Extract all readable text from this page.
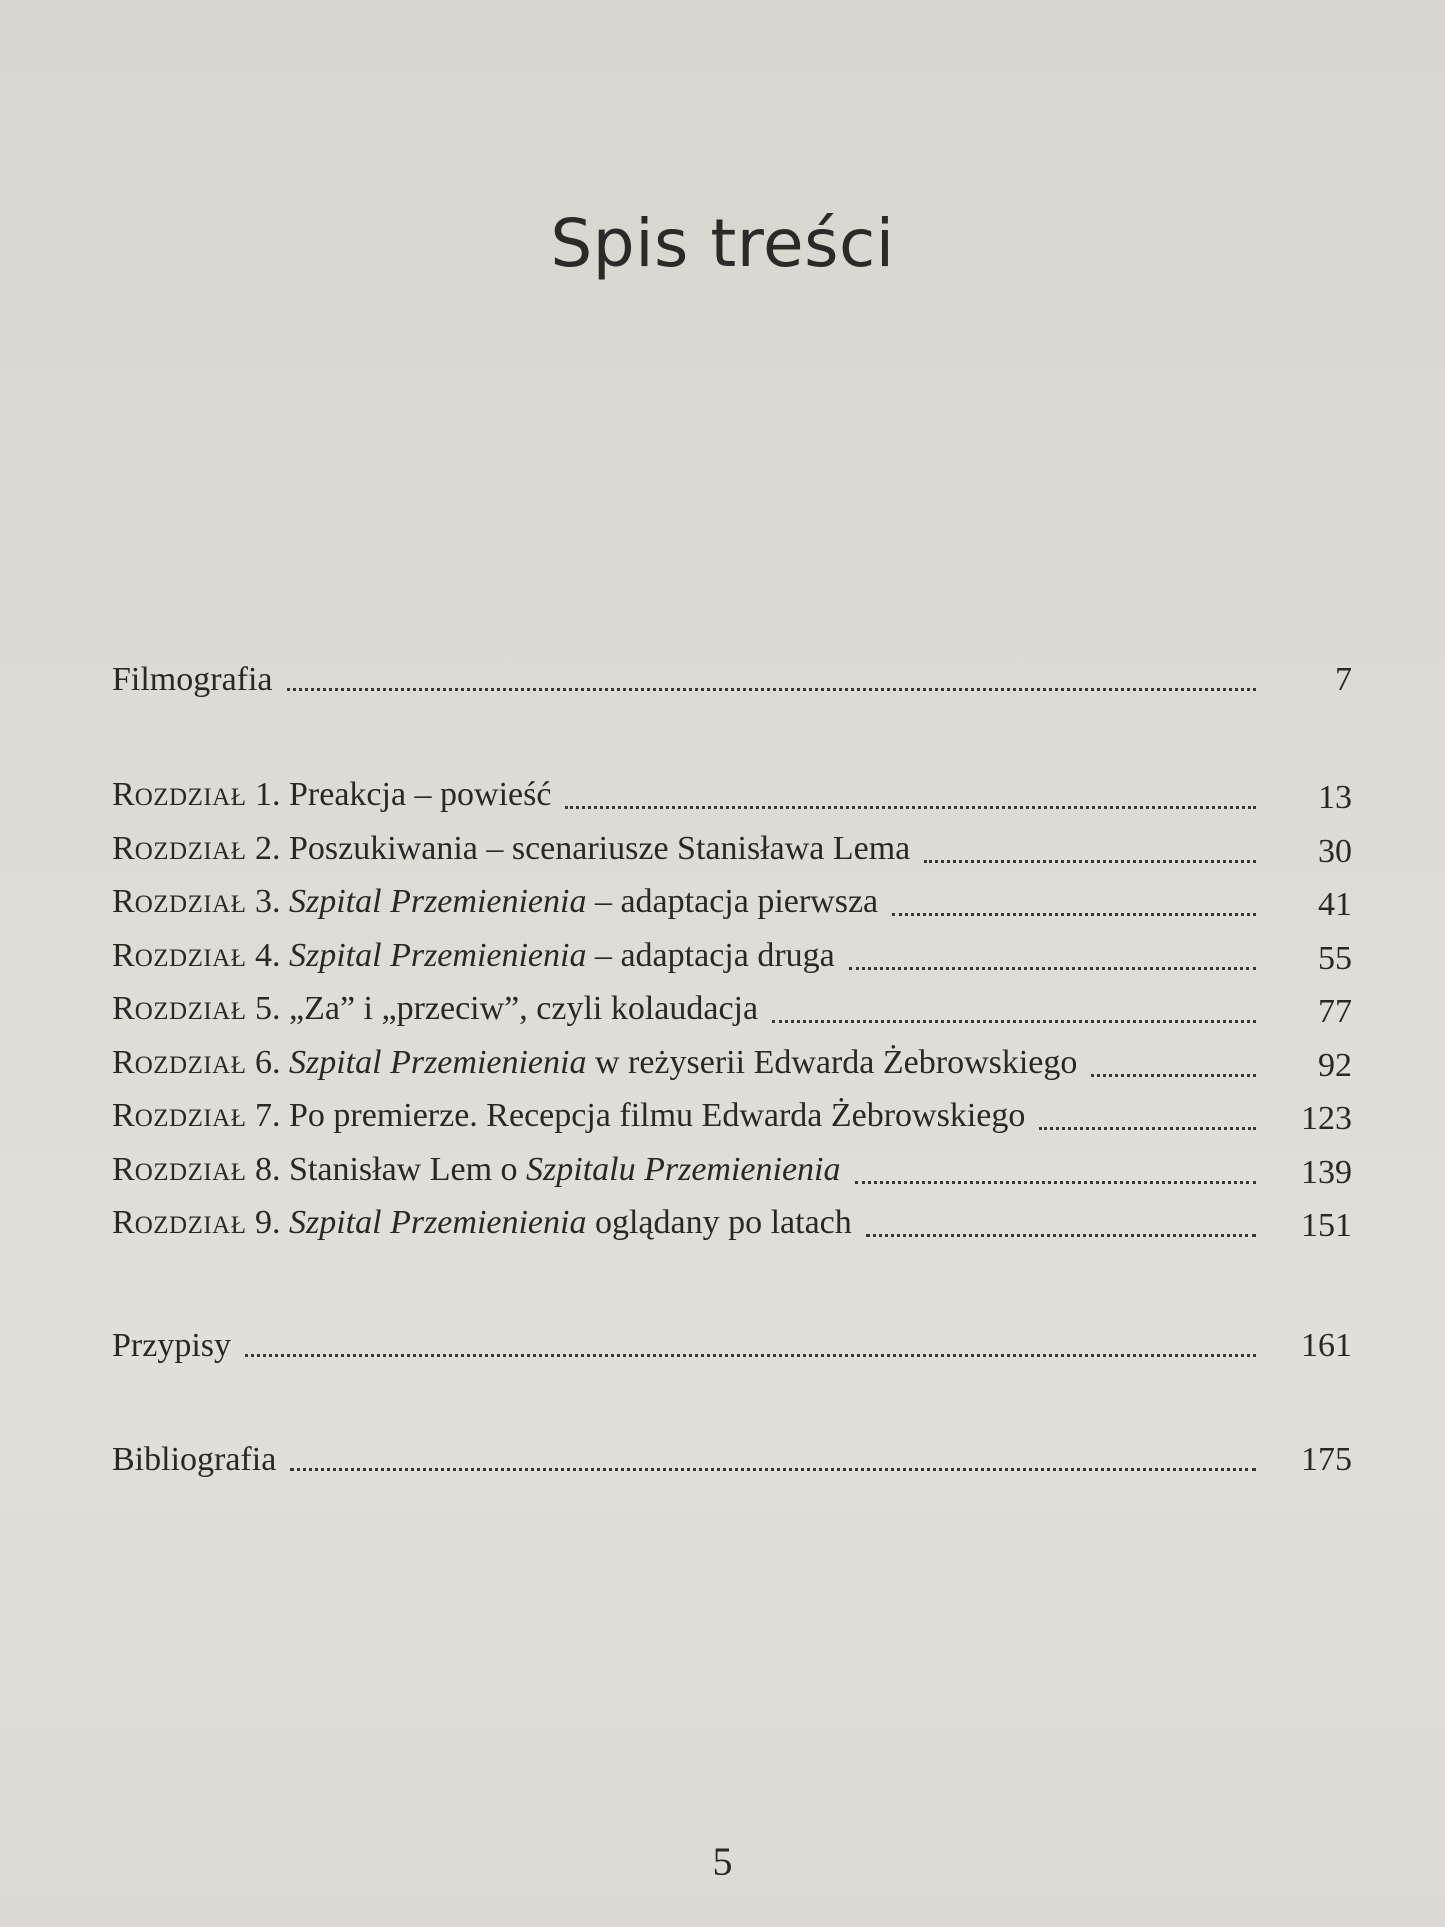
Spis treści
Filmografia	7
ROZDZIAŁ 1. Preakcja – powieść	13
ROZDZIAŁ 2. Poszukiwania – scenariusze Stanisława Lema	30
ROZDZIAŁ 3. Szpital Przemienienia – adaptacja pierwsza	41
ROZDZIAŁ 4. Szpital Przemienienia – adaptacja druga	55
ROZDZIAŁ 5. „Za” i „przeciw”, czyli kolaudacja	77
ROZDZIAŁ 6. Szpital Przemienienia w reżyserii Edwarda Żebrowskiego	92
ROZDZIAŁ 7. Po premierze. Recepcja filmu Edwarda Żebrowskiego	123
ROZDZIAŁ 8. Stanisław Lem o Szpitalu Przemienienia	139
ROZDZIAŁ 9. Szpital Przemienienia oglądany po latach	151
Przypisy	161
Bibliografia	175
5
